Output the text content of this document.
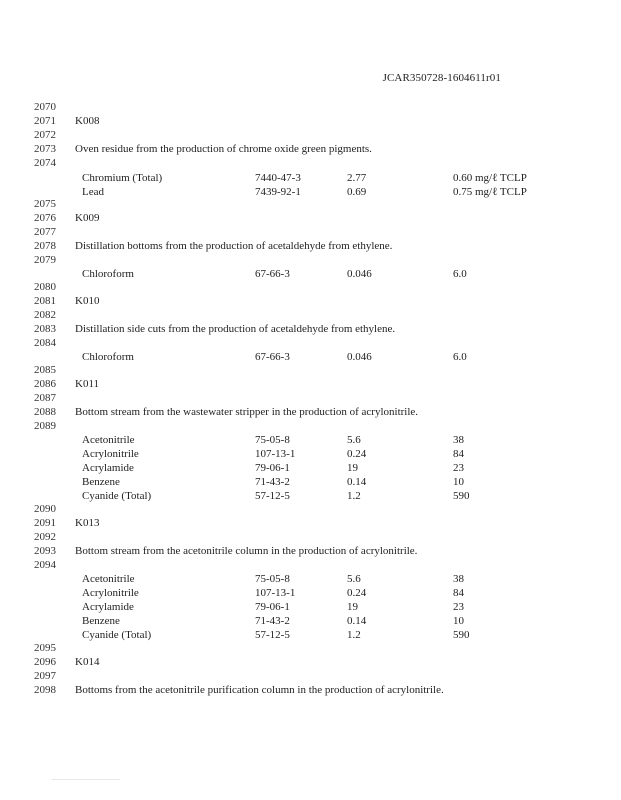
JCAR350728-1604611r01
2070
2071 K008
2072
2073 Oven residue from the production of chrome oxide green pigments.
2074
2075
2076 K009
2077
2078 Distillation bottoms from the production of acetaldehyde from ethylene.
2079
2080
2081 K010
2082
2083 Distillation side cuts from the production of acetaldehyde from ethylene.
2084
2085
2086 K011
2087
2088 Bottom stream from the wastewater stripper in the production of acrylonitrile.
2089
2090
2091 K013
2092
2093 Bottom stream from the acetonitrile column in the production of acrylonitrile.
2094
2095
2096 K014
2097
2098 Bottoms from the acetonitrile purification column in the production of acrylonitrile.
Chromium (Total)	7440-47-3	2.77	0.60 mg/ℓ TCLP
Lead	7439-92-1	0.69	0.75 mg/ℓ TCLP
Chloroform	67-66-3	0.046	6.0
Chloroform	67-66-3	0.046	6.0
Acetonitrile	75-05-8	5.6	38
Acrylonitrile	107-13-1	0.24	84
Acrylamide	79-06-1	19	23
Benzene	71-43-2	0.14	10
Cyanide (Total)	57-12-5	1.2	590
Acetonitrile	75-05-8	5.6	38
Acrylonitrile	107-13-1	0.24	84
Acrylamide	79-06-1	19	23
Benzene	71-43-2	0.14	10
Cyanide (Total)	57-12-5	1.2	590
